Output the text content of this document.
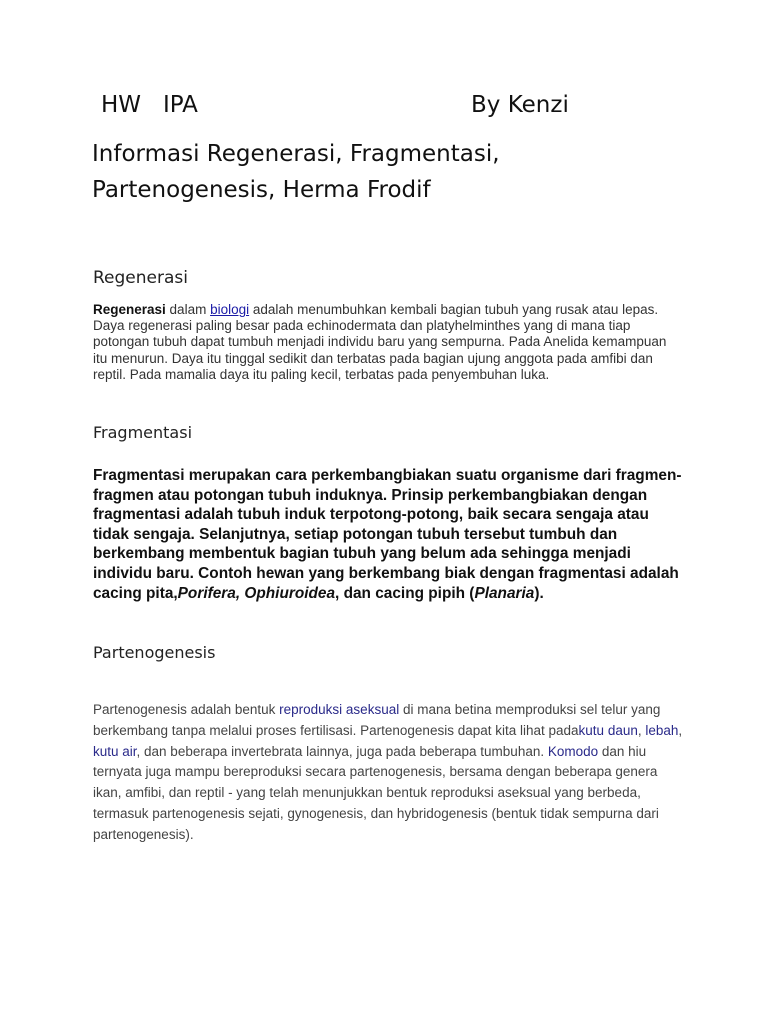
HW   IPA	By Kenzi
Informasi Regenerasi, Fragmentasi,
Partenogenesis, Herma Frodif
Regenerasi

Regenerasi dalam biologi adalah menumbuhkan kembali bagian tubuh yang rusak atau lepas. Daya regenerasi paling besar pada echinodermata dan platyhelminthes yang di mana tiap potongan tubuh dapat tumbuh menjadi individu baru yang sempurna. Pada Anelida kemampuan itu menurun. Daya itu tinggal sedikit dan terbatas pada bagian ujung anggota pada amfibi dan reptil. Pada mamalia daya itu paling kecil, terbatas pada penyembuhan luka.

Fragmentasi

Fragmentasi merupakan cara perkembangbiakan suatu organisme dari fragmen-fragmen atau potongan tubuh induknya. Prinsip perkembangbiakan dengan fragmentasi adalah tubuh induk terpotong-potong, baik secara sengaja atau tidak sengaja. Selanjutnya, setiap potongan tubuh tersebut tumbuh dan berkembang membentuk bagian tubuh yang belum ada sehingga menjadi individu baru. Contoh hewan yang berkembang biak dengan fragmentasi adalah cacing pita,Porifera, Ophiuroidea, dan cacing pipih (Planaria).

Partenogenesis

Partenogenesis adalah bentuk reproduksi aseksual di mana betina memproduksi sel telur yang berkembang tanpa melalui proses fertilisasi. Partenogenesis dapat kita lihat padakutu daun, lebah, kutu air, dan beberapa invertebrata lainnya, juga pada beberapa tumbuhan. Komodo dan hiu ternyata juga mampu bereproduksi secara partenogenesis, bersama dengan beberapa genera ikan, amfibi, dan reptil - yang telah menunjukkan bentuk reproduksi aseksual yang berbeda, termasuk partenogenesis sejati, gynogenesis, dan hybridogenesis (bentuk tidak sempurna dari partenogenesis).
